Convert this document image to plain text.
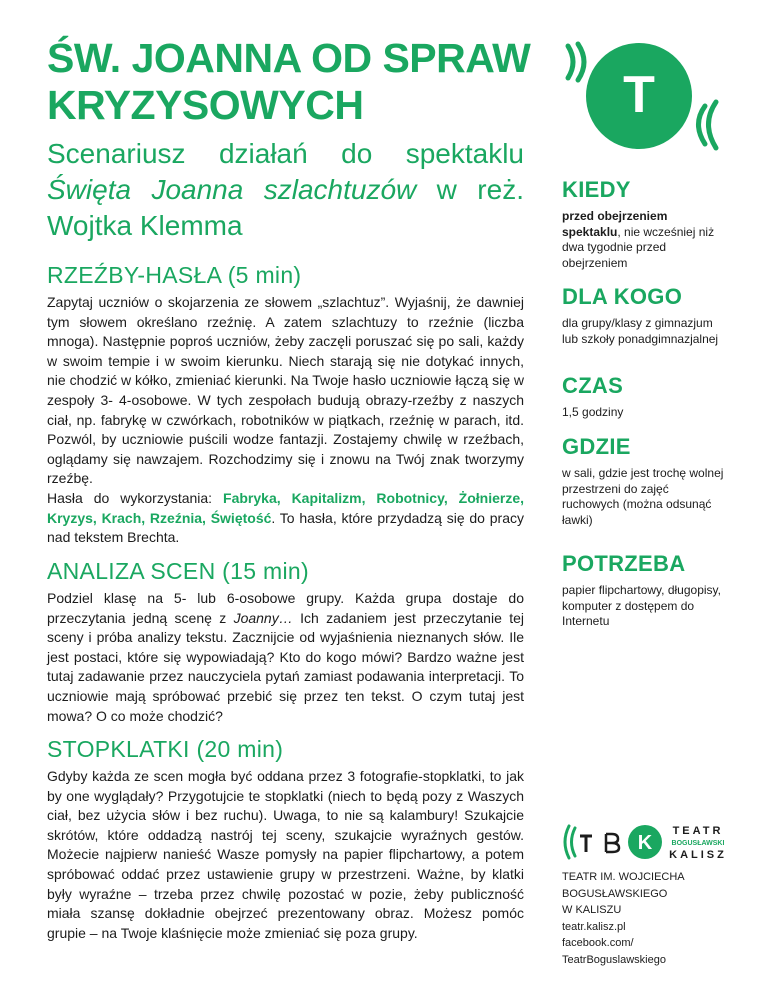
ŚW. JOANNA OD SPRAW KRYZYSOWYCH

Scenariusz działań do spektaklu Święta Joanna szlachtuzów w reż. Wojtka Klemma

RZEŹBY-HASŁA (5 min)

Zapytaj uczniów o skojarzenia ze słowem „szlachtuz”. Wyjaśnij, że dawniej tym słowem określano rzeźnię. A zatem szlachtuzy to rzeźnie (liczba mnoga). Następnie poproś uczniów, żeby zaczęli poruszać się po sali, każdy w swoim tempie i w swoim kierunku. Niech starają się nie dotykać innych, nie chodzić w kółko, zmieniać kierunki. Na Twoje hasło uczniowie łączą się w zespoły 3- 4-osobowe. W tych zespołach budują obrazy-rzeźby z naszych ciał, np. fabrykę w czwórkach, robotników w piątkach, rzeźnię w parach, itd. Pozwól, by uczniowie puścili wodze fantazji. Zostajemy chwilę w rzeźbach, oglądamy się nawzajem. Rozchodzimy się i znowu na Twój znak tworzymy rzeźbę.
Hasła do wykorzystania: Fabryka, Kapitalizm, Robotnicy, Żołnierze, Kryzys, Krach, Rzeźnia, Świętość. To hasła, które przydadzą się do pracy nad tekstem Brechta.

ANALIZA SCEN (15 min)

Podziel klasę na 5- lub 6-osobowe grupy. Każda grupa dostaje do przeczytania jedną scenę z Joanny… Ich zadaniem jest przeczytanie tej sceny i próba analizy tekstu. Zacznijcie od wyjaśnienia nieznanych słów. Ile jest postaci, które się wypowiadają? Kto do kogo mówi? Bardzo ważne jest tutaj zadawanie przez nauczyciela pytań zamiast podawania interpretacji. To uczniowie mają spróbować przebić się przez ten tekst. O czym tutaj jest mowa? O co może chodzić?

STOPKLATKI (20 min)

Gdyby każda ze scen mogła być oddana przez 3 fotografie-stopklatki, to jak by one wyglądały? Przygotujcie te stopklatki (niech to będą pozy z Waszych ciał, bez użycia słów i bez ruchu). Uwaga, to nie są kalambury! Szukajcie skrótów, które oddadzą nastrój tej sceny, szukajcie wyraźnych gestów. Możecie najpierw nanieść Wasze pomysły na papier flipchartowy, a potem spróbować oddać przez ustawienie grupy w przestrzeni. Ważne, by klatki były wyraźne – trzeba przez chwilę pozostać w pozie, żeby publiczność miała szansę dokładnie obejrzeć prezentowany obraz. Możesz pomóc grupie – na Twoje klaśnięcie może zmieniać się poza grupy.

T
KIEDY

przed obejrzeniem spektaklu, nie wcześniej niż dwa tygodnie przed obejrzeniem

DLA KOGO

dla grupy/klasy z gimnazjum lub szkoły ponadgimnazjalnej

CZAS

1,5 godziny

GDZIE

w sali, gdzie jest trochę wolnej przestrzeni do zajęć ruchowych (można odsunąć ławki)

POTRZEBA

papier flipchartowy, długopisy, komputer z dostępem do Internetu

K
TEATR
BOGUSŁAWSKI
KALISZ
TEATR IM. WOJCIECHA
BOGUSŁAWSKIEGO
W KALISZU
teatr.kalisz.pl
facebook.com/
TeatrBoguslawskiego
